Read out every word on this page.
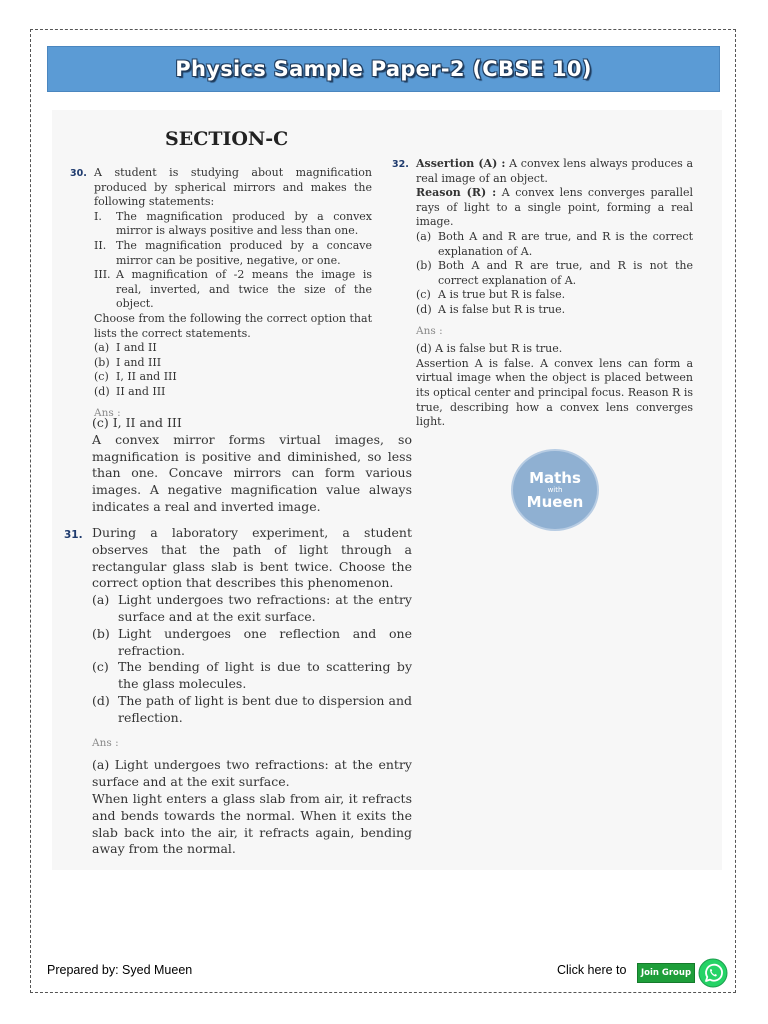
Physics Sample Paper-2 (CBSE 10)
SECTION-C
30. A student is studying about magnification produced by spherical mirrors and makes the following statements:

I.	The magnification produced by a convex mirror is always positive and less than one.
II. The magnification produced by a concave mirror can be positive, negative, or one.
III. A magnification of -2 means the image is real, inverted, and twice the size of the object.

Choose from the following the correct option that lists the correct statements.

(a) I and II
(b) I and III
(c) I, II and III
(d) II and III

Ans :

(c) I, II and III

A convex mirror forms virtual images, so magnification is positive and diminished, so less than one. Concave mirrors can form various images. A negative magnification value always indicates a real and inverted image.

31. During a laboratory experiment, a student observes that the path of light through a rectangular glass slab is bent twice. Choose the correct option that describes this phenomenon.

(a) Light undergoes two refractions: at the entry surface and at the exit surface.
(b) Light undergoes one reflection and one refraction.
(c) The bending of light is due to scattering by the glass molecules.
(d) The path of light is bent due to dispersion and reflection.

Ans :

(a) Light undergoes two refractions: at the entry surface and at the exit surface.

When light enters a glass slab from air, it refracts and bends towards the normal. When it exits the slab back into the air, it refracts again, bending away from the normal.

32. Assertion (A) : A convex lens always produces a real image of an object.

Reason (R) : A convex lens converges parallel rays of light to a single point, forming a real image.

(a) Both A and R are true, and R is the correct explanation of A.
(b) Both A and R are true, and R is not the correct explanation of A.
(c) A is true but R is false.
(d) A is false but R is true.

Ans :

(d) A is false but R is true.

Assertion A is false. A convex lens can form a virtual image when the object is placed between its optical center and principal focus. Reason R is true, describing how a convex lens converges light.

Maths
with
Mueen
Prepared by: Syed Mueen	Click here to	Join Group
